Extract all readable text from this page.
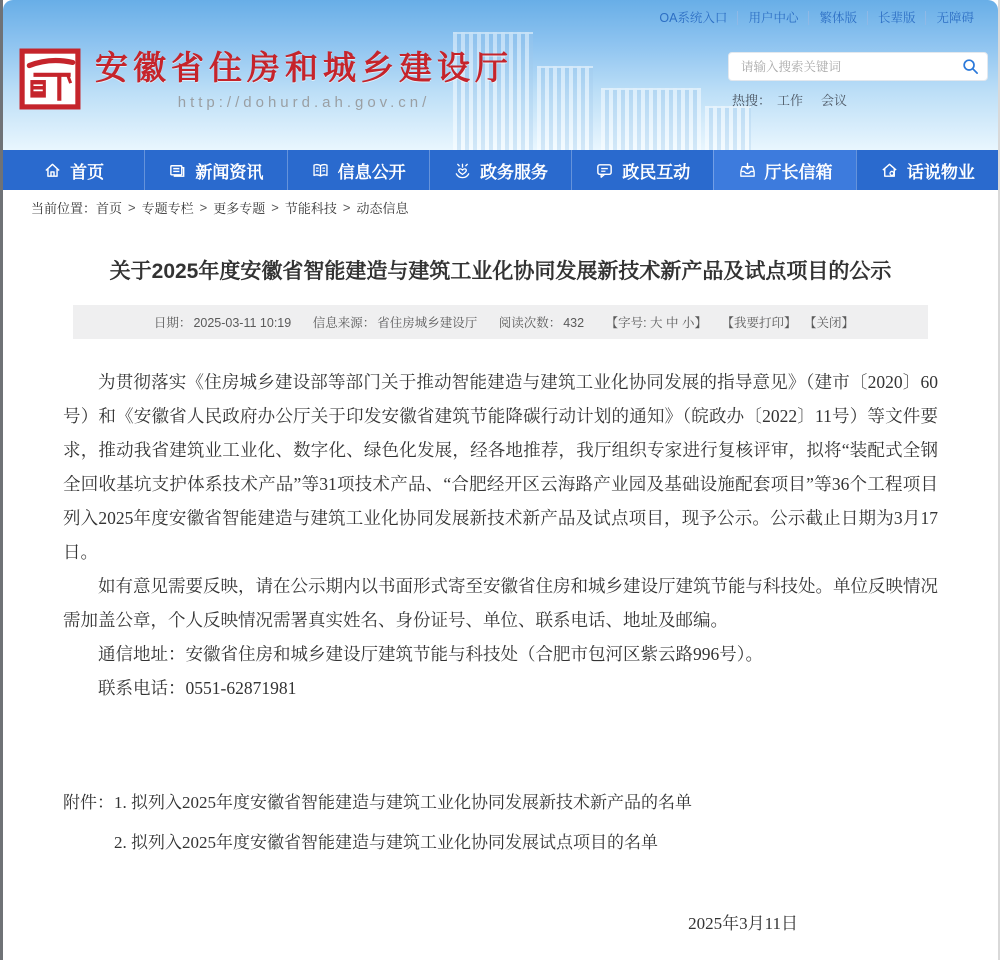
OA系统入口 用户中心 繁体版 长辈版 无障碍
安徽省住房和城乡建设厅
http://dohurd.ah.gov.cn/
请输入搜索关键词	热搜： 工作 会议
首页	新闻资讯	信息公开	政务服务	政民互动	厅长信箱	话说物业
当前位置： 首页 > 专题专栏 > 更多专题 > 节能科技 > 动态信息
关于2025年度安徽省智能建造与建筑工业化协同发展新技术新产品及试点项目的公示
日期： 2025-03-11 10:19 信息来源： 省住房城乡建设厅 阅读次数： 432 【字号: 大 中 小】 【我要打印】 【关闭】

为贯彻落实《住房城乡建设部等部门关于推动智能建造与建筑工业化协同发展的指导意见》（建市〔2020〕60号）和《安徽省人民政府办公厅关于印发安徽省建筑节能降碳行动计划的通知》（皖政办〔2022〕11号）等文件要求，推动我省建筑业工业化、数字化、绿色化发展，经各地推荐，我厅组织专家进行复核评审，拟将“装配式全钢全回收基坑支护体系技术产品”等31项技术产品、“合肥经开区云海路产业园及基础设施配套项目”等36个工程项目列入2025年度安徽省智能建造与建筑工业化协同发展新技术新产品及试点项目，现予公示。公示截止日期为3月17日。

如有意见需要反映，请在公示期内以书面形式寄至安徽省住房和城乡建设厅建筑节能与科技处。单位反映情况需加盖公章，个人反映情况需署真实姓名、身份证号、单位、联系电话、地址及邮编。

通信地址：安徽省住房和城乡建设厅建筑节能与科技处（合肥市包河区紫云路996号）。

联系电话：0551-62871981

附件：1. 拟列入2025年度安徽省智能建造与建筑工业化协同发展新技术新产品的名单

2. 拟列入2025年度安徽省智能建造与建筑工业化协同发展试点项目的名单

2025年3月11日
